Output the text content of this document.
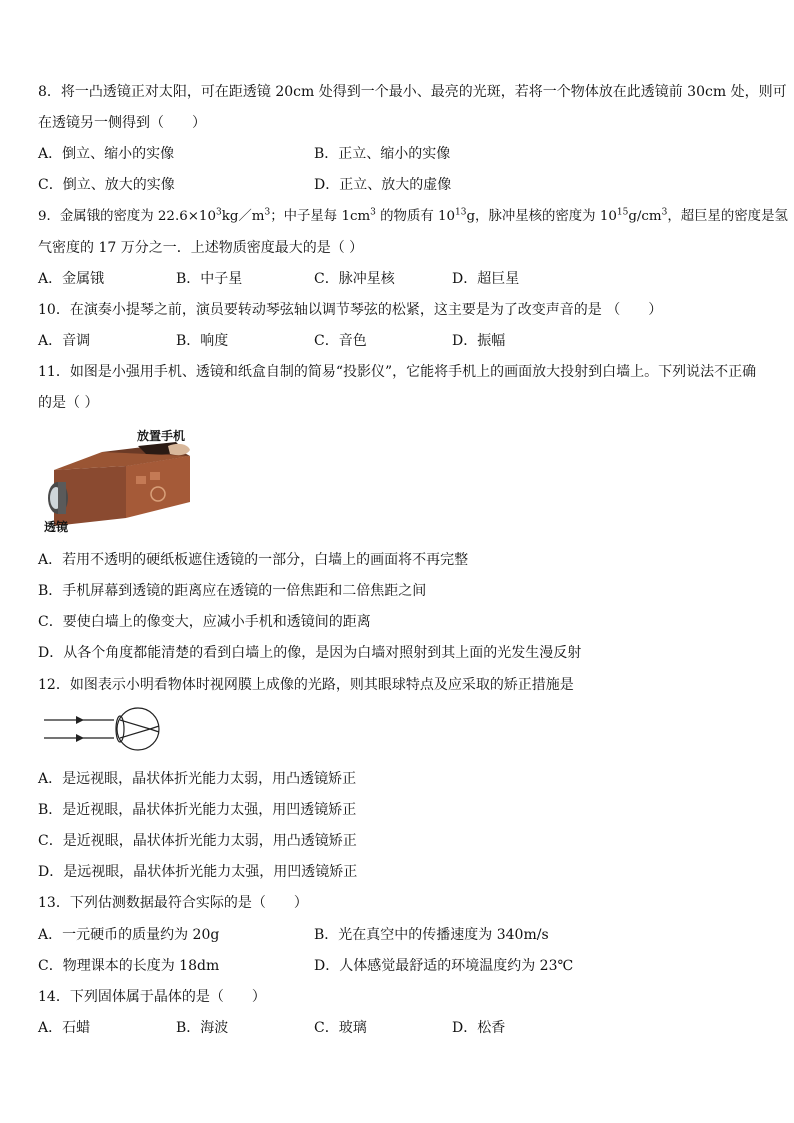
8．将一凸透镜正对太阳，可在距透镜 20cm 处得到一个最小、最亮的光斑，若将一个物体放在此透镜前 30cm 处，则可
在透镜另一侧得到（　　）
A．倒立、缩小的实像	B．正立、缩小的实像
C．倒立、放大的实像	D．正立、放大的虚像
9．金属锇的密度为 $22.6\times 10^3kg/m^3$；中子星每 $1cm^3$ 的物质有 $10^{13}g$，脉冲星核的密度为 $10^{15}g/cm^3$，超巨星的密度是氢
气密度的 17 万分之一．上述物质密度最大的是（ ）
A．金属锇	B．中子星	C．脉冲星核	D．超巨星
10．在演奏小提琴之前，演员要转动琴弦轴以调节琴弦的松紧，这主要是为了改变声音的是 （　　）
A．音调	B．响度	C．音色	D．振幅
11．如图是小强用手机、透镜和纸盒自制的简易“投影仪”，它能将手机上的画面放大投射到白墙上。下列说法不正确
的是（ ）
放置手机
透镜
A．若用不透明的硬纸板遮住透镜的一部分，白墙上的画面将不再完整
B．手机屏幕到透镜的距离应在透镜的一倍焦距和二倍焦距之间
C．要使白墙上的像变大，应减小手机和透镜间的距离
D．从各个角度都能清楚的看到白墙上的像，是因为白墙对照射到其上面的光发生漫反射
12．如图表示小明看物体时视网膜上成像的光路，则其眼球特点及应采取的矫正措施是
A．是远视眼，晶状体折光能力太弱，用凸透镜矫正
B．是近视眼，晶状体折光能力太强，用凹透镜矫正
C．是近视眼，晶状体折光能力太弱，用凸透镜矫正
D．是远视眼，晶状体折光能力太强，用凹透镜矫正
13．下列估测数据最符合实际的是（　　）
A．一元硬币的质量约为 20g	B．光在真空中的传播速度为 340m/s
C．物理课本的长度为 18dm	D．人体感觉最舒适的环境温度约为 23℃
14．下列固体属于晶体的是（　　）
A．石蜡	B．海波	C．玻璃	D．松香
